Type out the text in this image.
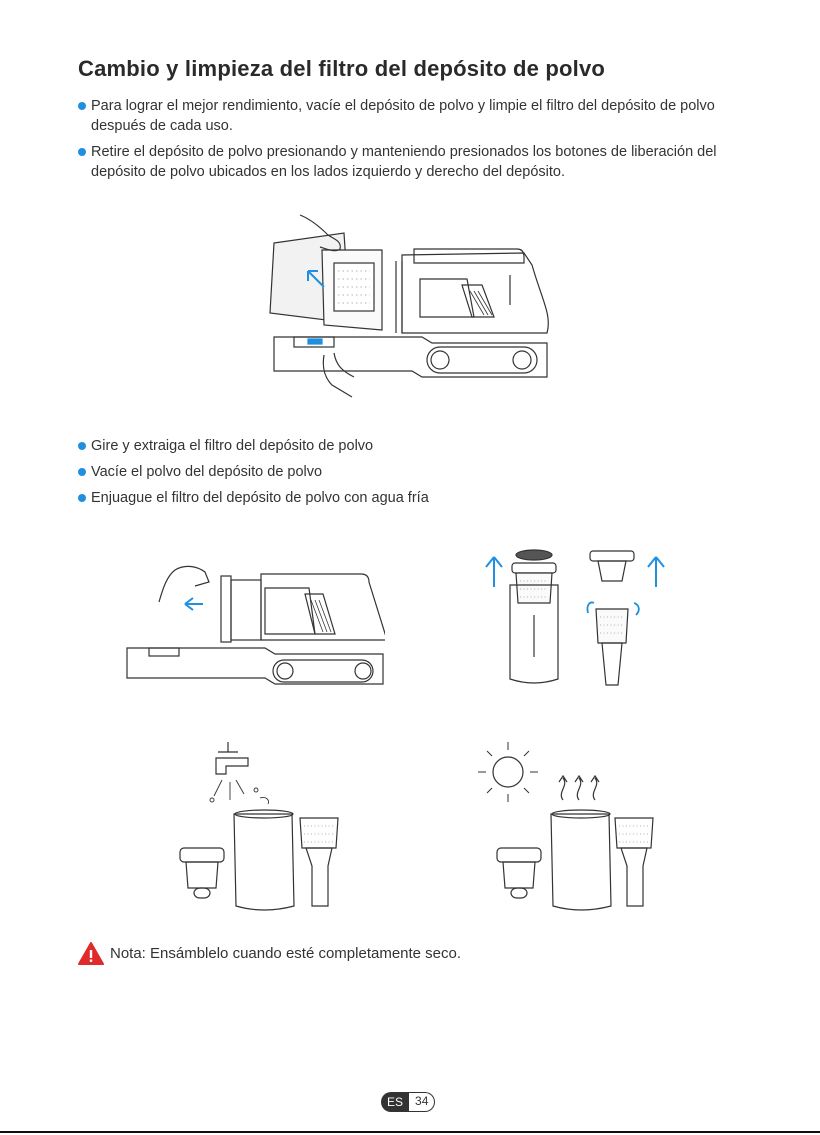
Cambio y limpieza del filtro del depósito de polvo
Para lograr el mejor rendimiento, vacíe el depósito de polvo y limpie el filtro del depósito de polvo después de cada uso.
Retire el depósito de polvo presionando y manteniendo presionados los botones de liberación del depósito de polvo ubicados en los lados izquierdo y derecho del depósito.
Gire y extraiga el filtro del depósito de polvo
Vacíe el polvo del depósito de polvo
Enjuague el filtro del depósito de polvo con agua fría
Nota: Ensámblelo cuando esté completamente seco.
ES	34
